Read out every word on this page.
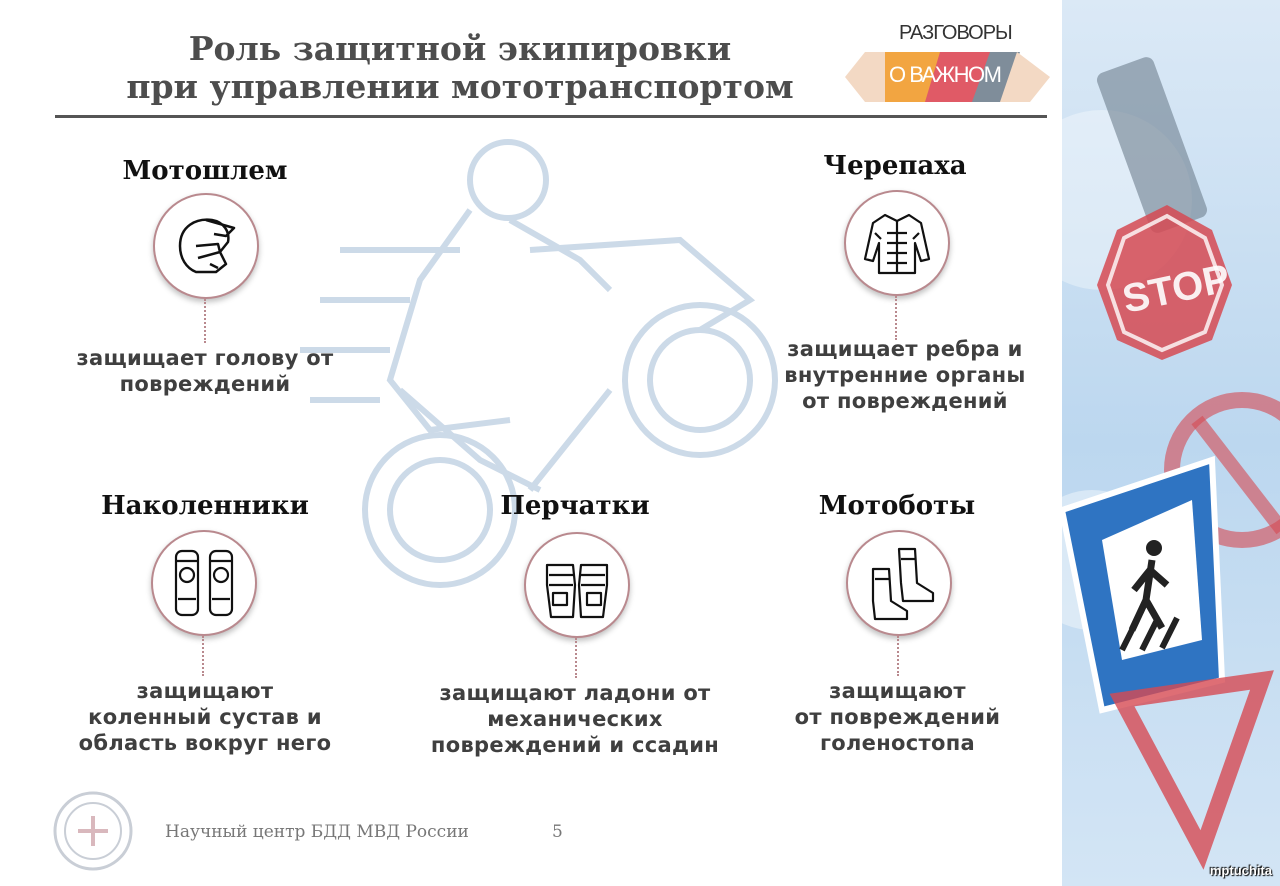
Роль защитной экипировки
при управлении мототранспортом
РАЗГОВОРЫ
О ВАЖНОМ
Мотошлем
защищает голову от
повреждений
Черепаха
защищает ребра и
внутренние органы
от повреждений
Наколенники
защищают
коленный сустав и
область вокруг него
Перчатки
защищают ладони от
механических
повреждений и ссадин
Мотоботы
защищают
от повреждений
голеностопа
Научный центр БДД МВД России	5
STOP
mptuchita
